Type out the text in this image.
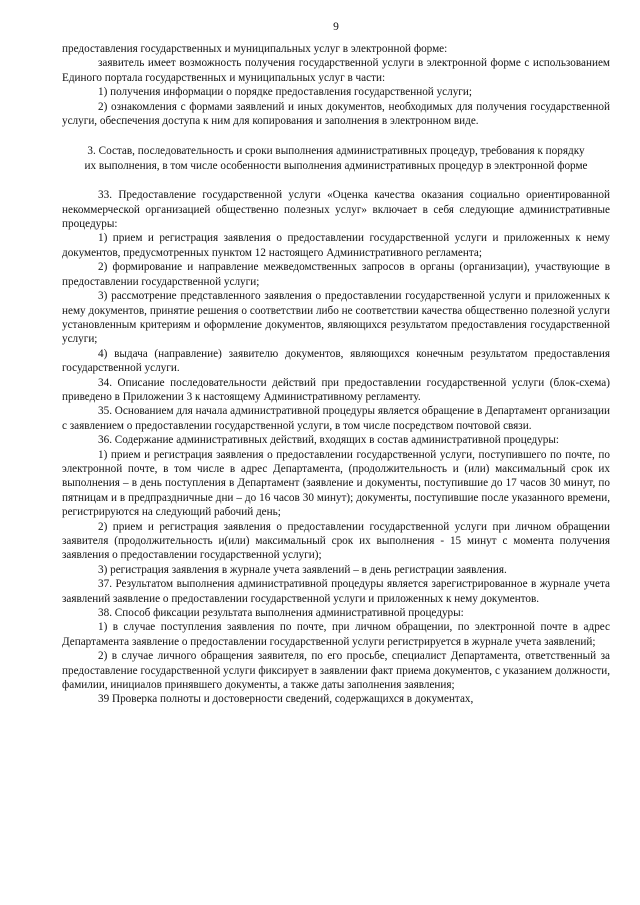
9

предоставления государственных и муниципальных услуг в электронной форме:

заявитель имеет возможность получения государственной услуги в электронной форме с использованием Единого портала государственных и муниципальных услуг в части:

1) получения информации о порядке предоставления государственной услуги;

2) ознакомления с формами заявлений и иных документов, необходимых для получения государственной услуги, обеспечения доступа к ним для копирования и заполнения в электронном виде.

3. Состав, последовательность и сроки выполнения административных процедур, требования к порядку их выполнения, в том числе особенности выполнения административных процедур в электронной форме

33. Предоставление государственной услуги «Оценка качества оказания социально ориентированной некоммерческой организацией общественно полезных услуг» включает в себя следующие административные процедуры:

1) прием и регистрация заявления о предоставлении государственной услуги и приложенных к нему документов, предусмотренных пунктом 12 настоящего Административного регламента;

2) формирование и направление межведомственных запросов в органы (организации), участвующие в предоставлении государственной услуги;

3) рассмотрение представленного заявления о предоставлении государственной услуги и приложенных к нему документов, принятие решения о соответствии либо не соответствии качества общественно полезной услуги установленным критериям и оформление документов, являющихся результатом предоставления государственной услуги;

4) выдача (направление) заявителю документов, являющихся конечным результатом предоставления государственной услуги.

34. Описание последовательности действий при предоставлении государственной услуги (блок-схема) приведено в Приложении 3 к настоящему Административному регламенту.

35. Основанием для начала административной процедуры является обращение в Департамент организации с заявлением о предоставлении государственной услуги, в том числе посредством почтовой связи.

36. Содержание административных действий, входящих в состав административной процедуры:

1) прием и регистрация заявления о предоставлении государственной услуги, поступившего по почте, по электронной почте, в том числе в адрес Департамента, (продолжительность и (или) максимальный срок их выполнения – в день поступления в Департамент (заявление и документы, поступившие до 17 часов 30 минут, по пятницам и в предпраздничные дни – до 16 часов 30 минут); документы, поступившие после указанного времени, регистрируются на следующий рабочий день;

2) прием и регистрация заявления о предоставлении государственной услуги при личном обращении заявителя (продолжительность и(или) максимальный срок их выполнения - 15 минут с момента получения заявления о предоставлении государственной услуги);

3) регистрация заявления в журнале учета заявлений – в день регистрации заявления.

37. Результатом выполнения административной процедуры является зарегистрированное в журнале учета заявлений заявление о предоставлении государственной услуги и приложенных к нему документов.

38. Способ фиксации результата выполнения административной процедуры:

1) в случае поступления заявления по почте, при личном обращении, по электронной почте в адрес Департамента заявление о предоставлении государственной услуги регистрируется в журнале учета заявлений;

2) в случае личного обращения заявителя, по его просьбе, специалист Департамента, ответственный за предоставление государственной услуги фиксирует в заявлении факт приема документов, с указанием должности, фамилии, инициалов принявшего документы, а также даты заполнения заявления;

39 Проверка полноты и достоверности сведений, содержащихся в документах,
